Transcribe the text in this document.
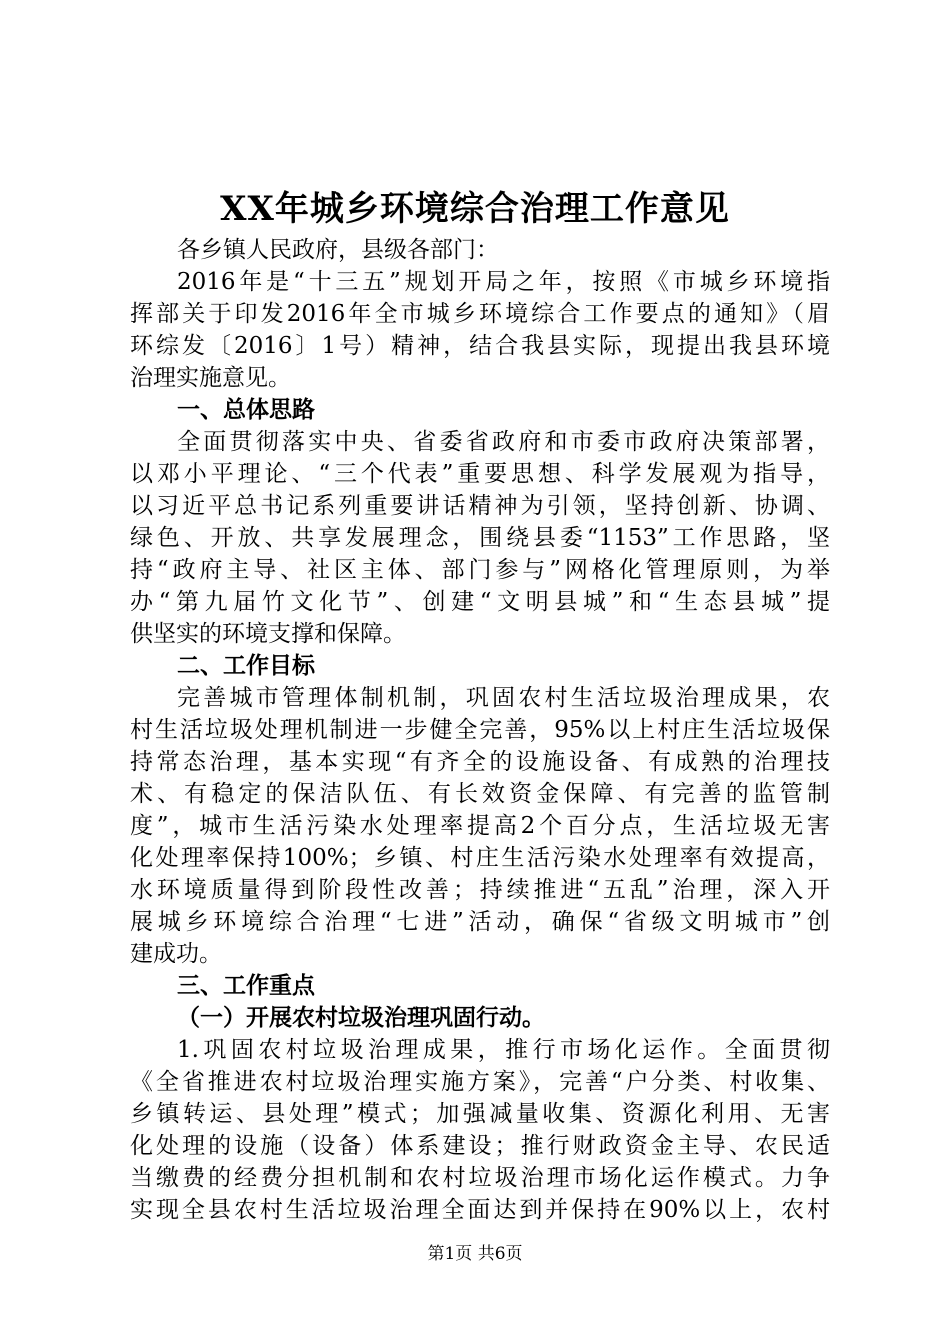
XX年城乡环境综合治理工作意见
各乡镇人民政府，县级各部门：
2016年是“十三五”规划开局之年，按照《市城乡环境指
挥部关于印发2016年全市城乡环境综合工作要点的通知》（眉
环综发〔2016〕1号）精神，结合我县实际，现提出我县环境
治理实施意见。
一、总体思路
全面贯彻落实中央、省委省政府和市委市政府决策部署，
以邓小平理论、“三个代表”重要思想、科学发展观为指导，
以习近平总书记系列重要讲话精神为引领，坚持创新、协调、
绿色、开放、共享发展理念，围绕县委“1153”工作思路，坚
持“政府主导、社区主体、部门参与”网格化管理原则，为举
办“第九届竹文化节”、创建“文明县城”和“生态县城”提
供坚实的环境支撑和保障。
二、工作目标
完善城市管理体制机制，巩固农村生活垃圾治理成果，农
村生活垃圾处理机制进一步健全完善，95%以上村庄生活垃圾保
持常态治理，基本实现“有齐全的设施设备、有成熟的治理技
术、有稳定的保洁队伍、有长效资金保障、有完善的监管制
度”，城市生活污染水处理率提高2个百分点，生活垃圾无害
化处理率保持100%；乡镇、村庄生活污染水处理率有效提高，
水环境质量得到阶段性改善；持续推进“五乱”治理，深入开
展城乡环境综合治理“七进”活动，确保“省级文明城市”创
建成功。
三、工作重点
（一）开展农村垃圾治理巩固行动。
1.巩固农村垃圾治理成果，推行市场化运作。全面贯彻
《全省推进农村垃圾治理实施方案》，完善“户分类、村收集、
乡镇转运、县处理”模式；加强减量收集、资源化利用、无害
化处理的设施（设备）体系建设；推行财政资金主导、农民适
当缴费的经费分担机制和农村垃圾治理市场化运作模式。力争
实现全县农村生活垃圾治理全面达到并保持在90%以上，农村
第1页 共6页
